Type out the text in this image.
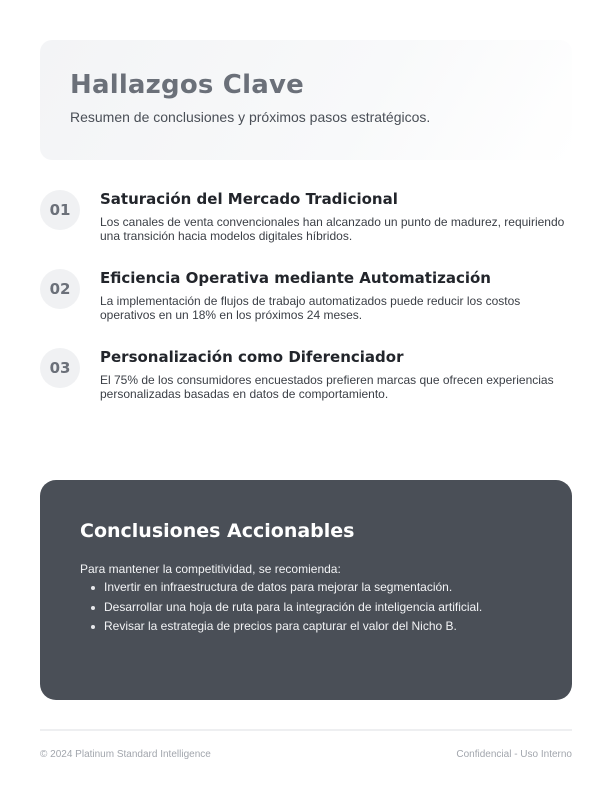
Hallazgos Clave
Resumen de conclusiones y próximos pasos estratégicos.
01
Saturación del Mercado Tradicional
Los canales de venta convencionales han alcanzado un punto de madurez, requiriendo una transición hacia modelos digitales híbridos.
02
Eficiencia Operativa mediante Automatización
La implementación de flujos de trabajo automatizados puede reducir los costos operativos en un 18% en los próximos 24 meses.
03
Personalización como Diferenciador
El 75% de los consumidores encuestados prefieren marcas que ofrecen experiencias personalizadas basadas en datos de comportamiento.
Conclusiones Accionables
Para mantener la competitividad, se recomienda:
Invertir en infraestructura de datos para mejorar la segmentación.
Desarrollar una hoja de ruta para la integración de inteligencia artificial.
Revisar la estrategia de precios para capturar el valor del Nicho B.
© 2024 Platinum Standard Intelligence	Confidencial - Uso Interno
